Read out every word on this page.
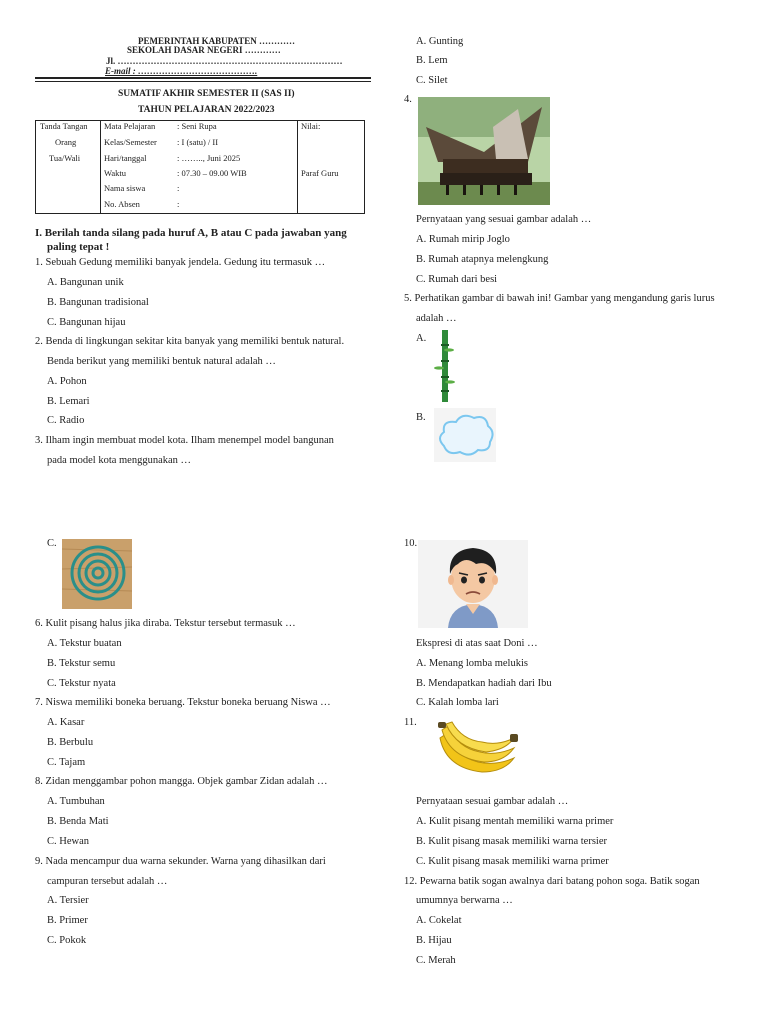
PEMERINTAH KABUPATEN …………
SEKOLAH DASAR NEGERI …………
Jl. …………………………………………………………………
E-mail : ………………………………….
SUMATIF AKHIR SEMESTER II (SAS II)
TAHUN PELAJARAN 2022/2023
Tanda Tangan
Orang
Tua/Wali
Mata Pelajaran
Kelas/Semester
Hari/tanggal
Waktu
Nama siswa
No. Absen
: Seni Rupa
: I (satu) / II
: …….., Juni 2025
: 07.30 – 09.00 WIB
:
:
Nilai:
Paraf Guru
I. Berilah tanda silang pada huruf A, B atau C pada jawaban yang
paling tepat !
1. Sebuah Gedung memiliki banyak jendela. Gedung itu termasuk …
A. Bangunan unik
B. Bangunan tradisional
C. Bangunan hijau
2. Benda di lingkungan sekitar kita banyak yang memiliki bentuk natural.
Benda berikut yang memiliki bentuk natural adalah …
A. Pohon
B. Lemari
C. Radio
3. Ilham ingin membuat model kota. Ilham menempel model bangunan
pada model kota menggunakan …
A. Gunting
B. Lem
C. Silet
4.
Pernyataan yang sesuai gambar adalah …
A. Rumah mirip Joglo
B. Rumah atapnya melengkung
C. Rumah dari besi
5. Perhatikan gambar di bawah ini! Gambar yang mengandung garis lurus
adalah …
A.
B.
C.
6. Kulit pisang halus jika diraba. Tekstur tersebut termasuk …
A. Tekstur buatan
B. Tekstur semu
C. Tekstur nyata
7. Niswa memiliki boneka beruang. Tekstur boneka beruang Niswa …
A. Kasar
B. Berbulu
C. Tajam
8. Zidan menggambar pohon mangga. Objek gambar Zidan adalah …
A. Tumbuhan
B. Benda Mati
C. Hewan
9. Nada mencampur dua warna sekunder. Warna yang dihasilkan dari
campuran tersebut adalah …
A. Tersier
B. Primer
C. Pokok
10.
Ekspresi di atas saat Doni …
A. Menang lomba melukis
B. Mendapatkan hadiah dari Ibu
C. Kalah lomba lari
11.
Pernyataan sesuai gambar adalah …
A. Kulit pisang mentah memiliki warna primer
B. Kulit pisang masak memiliki warna tersier
C. Kulit pisang masak memiliki warna primer
12. Pewarna batik sogan awalnya dari batang pohon soga. Batik sogan
umumnya berwarna …
A. Cokelat
B. Hijau
C. Merah
